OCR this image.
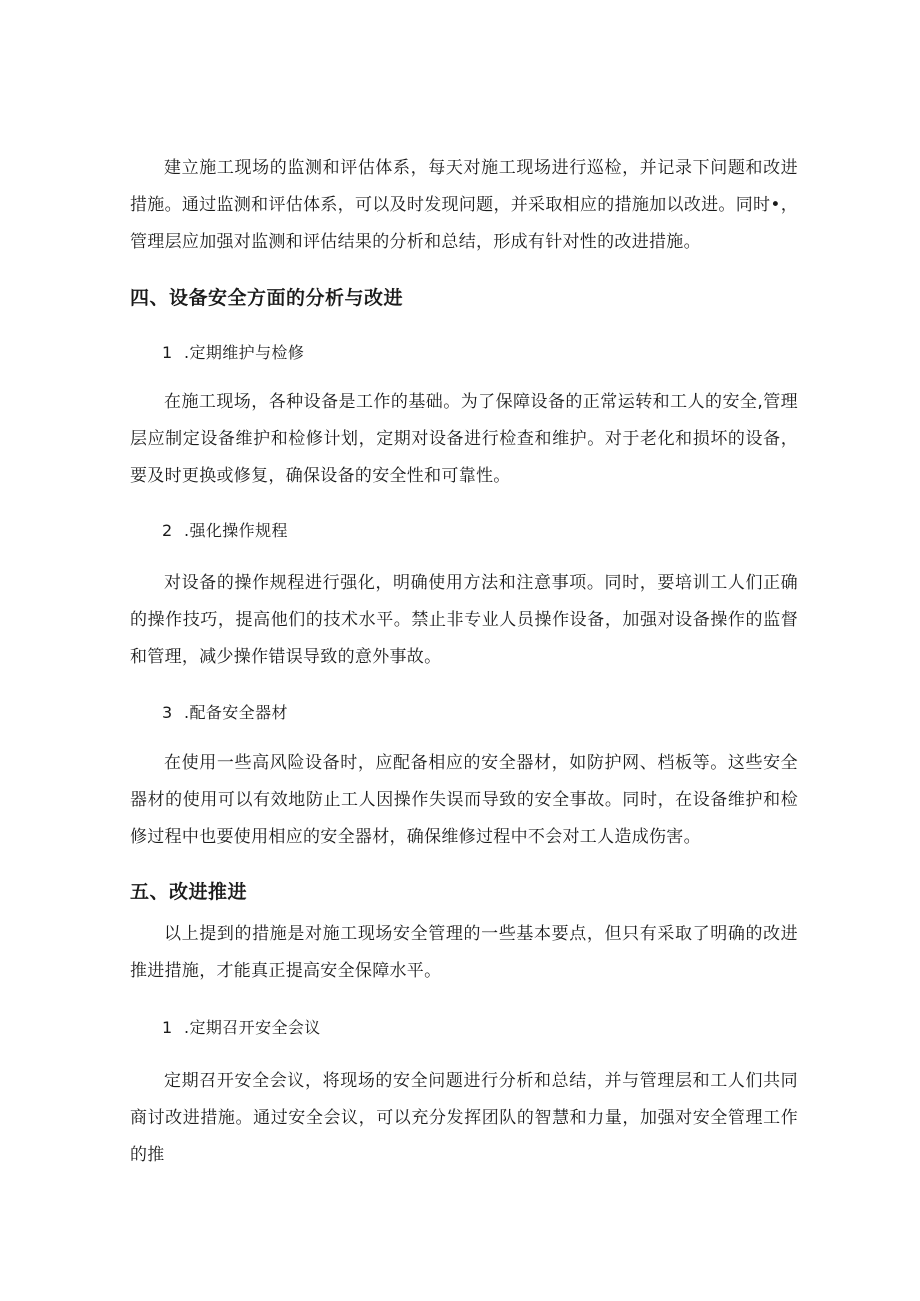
建立施工现场的监测和评估体系，每天对施工现场进行巡检，并记录下问题和改进措施。通过监测和评估体系，可以及时发现问题，并采取相应的措施加以改进。同时•，管理层应加强对监测和评估结果的分析和总结，形成有针对性的改进措施。

四、设备安全方面的分析与改进

1 .定期维护与检修

在施工现场，各种设备是工作的基础。为了保障设备的正常运转和工人的安全,管理层应制定设备维护和检修计划，定期对设备进行检查和维护。对于老化和损坏的设备，要及时更换或修复，确保设备的安全性和可靠性。

2 .强化操作规程

对设备的操作规程进行强化，明确使用方法和注意事项。同时，要培训工人们正确的操作技巧，提高他们的技术水平。禁止非专业人员操作设备，加强对设备操作的监督和管理，减少操作错误导致的意外事故。

3 .配备安全器材

在使用一些高风险设备时，应配备相应的安全器材，如防护网、档板等。这些安全器材的使用可以有效地防止工人因操作失误而导致的安全事故。同时，在设备维护和检修过程中也要使用相应的安全器材，确保维修过程中不会对工人造成伤害。

五、改进推进

以上提到的措施是对施工现场安全管理的一些基本要点，但只有采取了明确的改进推进措施，才能真正提高安全保障水平。

1 .定期召开安全会议

定期召开安全会议，将现场的安全问题进行分析和总结，并与管理层和工人们共同商讨改进措施。通过安全会议，可以充分发挥团队的智慧和力量，加强对安全管理工作的推
